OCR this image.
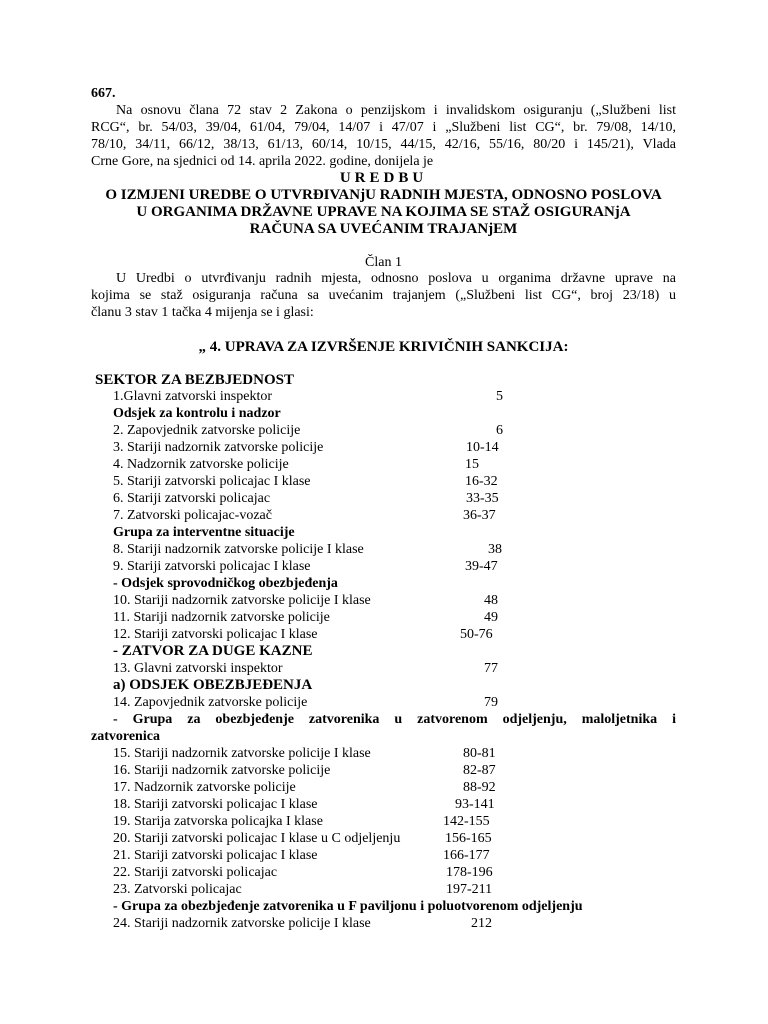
667.
Na osnovu člana 72 stav 2 Zakona o penzijskom i invalidskom osiguranju („Službeni list
RCG“, br. 54/03, 39/04, 61/04, 79/04, 14/07 i 47/07 i „Službeni list CG“, br. 79/08, 14/10,
78/10, 34/11, 66/12, 38/13, 61/13, 60/14, 10/15, 44/15, 42/16, 55/16, 80/20 i 145/21), Vlada
Crne Gore, na sjednici od 14. aprila 2022. godine, donijela je
UREDBU
O IZMJENI UREDBE O UTVRĐIVANjU RADNIH MJESTA, ODNOSNO POSLOVA
U ORGANIMA DRŽAVNE UPRAVE NA KOJIMA SE STAŽ OSIGURANjA
RAČUNA SA UVEĆANIM TRAJANjEM
Član 1
U Uredbi o utvrđivanju radnih mjesta, odnosno poslova u organima državne uprave na
kojima se staž osiguranja računa sa uvećanim trajanjem („Službeni list CG“, broj 23/18) u
članu 3 stav 1 tačka 4 mijenja se i glasi:
„ 4. UPRAVA ZA IZVRŠENJE KRIVIČNIH SANKCIJA:
SEKTOR ZA BEZBJEDNOST
1.Glavni zatvorski inspektor	5
Odsjek za kontrolu i nadzor
2. Zapovjednik zatvorske policije	6
3. Stariji nadzornik zatvorske policije	10-14
4. Nadzornik zatvorske policije	15
5. Stariji zatvorski policajac I klase	16-32
6. Stariji zatvorski policajac	33-35
7. Zatvorski policajac-vozač	36-37
Grupa za interventne situacije
8. Stariji nadzornik zatvorske policije I klase	38
9. Stariji zatvorski policajac I klase	39-47
- Odsjek sprovodničkog obezbjeđenja
10. Stariji nadzornik zatvorske policije I klase	48
11. Stariji nadzornik zatvorske policije	49
12. Stariji zatvorski policajac I klase	50-76
- ZATVOR ZA DUGE KAZNE
13. Glavni zatvorski inspektor	77
a) ODSJEK OBEZBJEĐENJA
14. Zapovjednik zatvorske policije	79
- Grupa za obezbjeđenje zatvorenika u zatvorenom odjeljenju, maloljetnika i
zatvorenica
15. Stariji nadzornik zatvorske policije I klase	80-81
16. Stariji nadzornik zatvorske policije	82-87
17. Nadzornik zatvorske policije	88-92
18. Stariji zatvorski policajac I klase	93-141
19. Starija zatvorska policajka I klase	142-155
20. Stariji zatvorski policajac I klase u C odjeljenju	156-165
21. Stariji zatvorski policajac I klase	166-177
22. Stariji zatvorski policajac	178-196
23. Zatvorski policajac	197-211
- Grupa za obezbjeđenje zatvorenika u F paviljonu i poluotvorenom odjeljenju
24. Stariji nadzornik zatvorske policije I klase	212
